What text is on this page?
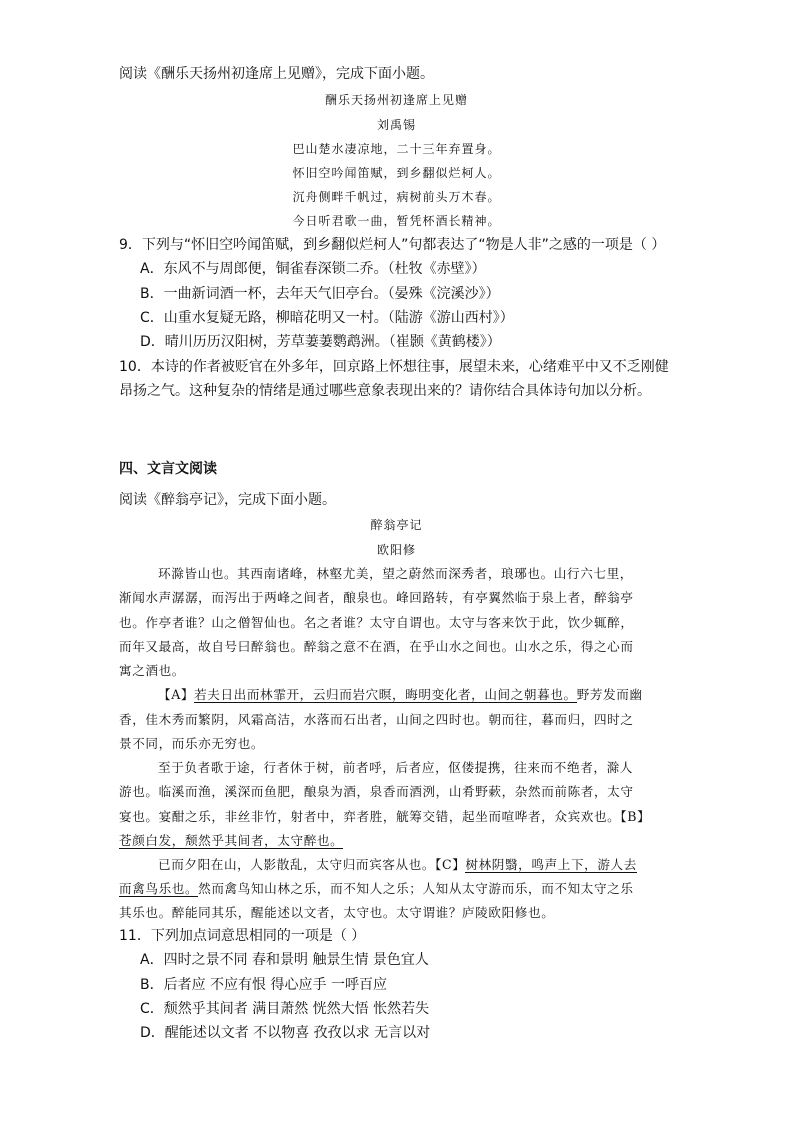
阅读《酬乐天扬州初逢席上见赠》，完成下面小题。
酬乐天扬州初逢席上见赠
刘禹锡
巴山楚水凄凉地，二十三年弃置身。
怀旧空吟闻笛赋，到乡翻似烂柯人。
沉舟侧畔千帆过，病树前头万木春。
今日听君歌一曲，暂凭杯酒长精神。
9．下列与“怀旧空吟闻笛赋，到乡翻似烂柯人”句都表达了“物是人非”之感的一项是（ ）
A．东风不与周郎便，铜雀春深锁二乔。（杜牧《赤壁》）
B．一曲新词酒一杯，去年天气旧亭台。（晏殊《浣溪沙》）
C．山重水复疑无路，柳暗花明又一村。（陆游《游山西村》）
D．晴川历历汉阳树，芳草萋萋鹦鹉洲。（崔颢《黄鹤楼》）
10．本诗的作者被贬官在外多年，回京路上怀想往事，展望未来，心绪难平中又不乏刚健
昂扬之气。这种复杂的情绪是通过哪些意象表现出来的？请你结合具体诗句加以分析。
四、文言文阅读
阅读《醉翁亭记》，完成下面小题。
醉翁亭记
欧阳修
环滁皆山也。其西南诸峰，林壑尤美，望之蔚然而深秀者，琅琊也。山行六七里，
渐闻水声潺潺，而泻出于两峰之间者，酿泉也。峰回路转，有亭翼然临于泉上者，醉翁亭
也。作亭者谁？山之僧智仙也。名之者谁？太守自谓也。太守与客来饮于此，饮少辄醉，
而年又最高，故自号曰醉翁也。醉翁之意不在酒，在乎山水之间也。山水之乐，得之心而
寓之酒也。
【A】若夫日出而林霏开，云归而岩穴暝，晦明变化者，山间之朝暮也。野芳发而幽
香，佳木秀而繁阴，风霜高洁，水落而石出者，山间之四时也。朝而往，暮而归，四时之
景不同，而乐亦无穷也。
至于负者歌于途，行者休于树，前者呼，后者应，伛偻提携，往来而不绝者，滁人
游也。临溪而渔，溪深而鱼肥，酿泉为酒，泉香而酒洌，山肴野蔌，杂然而前陈者，太守
宴也。宴酣之乐，非丝非竹，射者中，弈者胜，觥筹交错，起坐而喧哗者，众宾欢也。【B】
苍颜白发，颓然乎其间者，太守醉也。
已而夕阳在山，人影散乱，太守归而宾客从也。【C】树林阴翳，鸣声上下，游人去
而禽鸟乐也。然而禽鸟知山林之乐，而不知人之乐；人知从太守游而乐，而不知太守之乐
其乐也。醉能同其乐，醒能述以文者，太守也。太守谓谁？庐陵欧阳修也。
11．下列加点词意思相同的一项是（ ）
A．四时之景不同 春和景明 触景生情 景色宜人
B．后者应 不应有恨 得心应手 一呼百应
C．颓然乎其间者 满目萧然 恍然大悟 怅然若失
D．醒能述以文者 不以物喜 孜孜以求 无言以对
